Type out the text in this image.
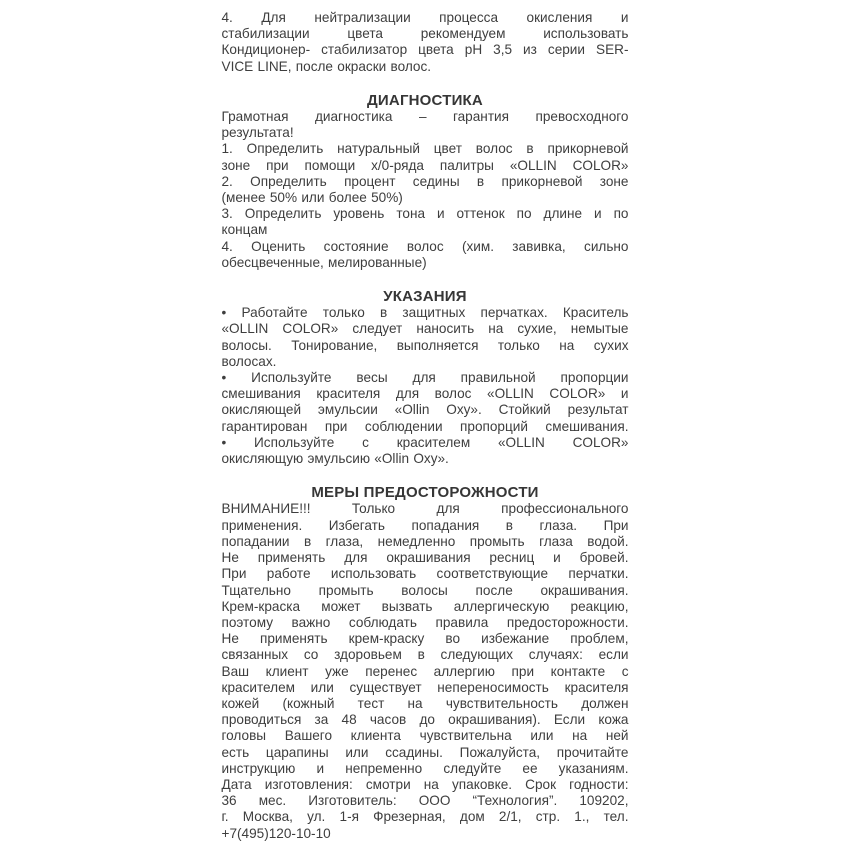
4. Для нейтрализации процесса окисления и
стабилизации цвета рекомендуем использовать
Кондиционер- стабилизатор цвета pH 3,5 из серии SER-
VICE LINE, после окраски волос.
ДИАГНОСТИКА
Грамотная диагностика – гарантия превосходного
результата!
1. Определить натуральный цвет волос в прикорневой
зоне при помощи х/0-ряда палитры «OLLIN COLOR»
2. Определить процент седины в прикорневой зоне
(менее 50% или более 50%)
3. Определить уровень тона и оттенок по длине и по
концам
4. Оценить состояние волос (хим. завивка, сильно
обесцвеченные, мелированные)
УКАЗАНИЯ
• Работайте только в защитных перчатках. Краситель
«OLLIN COLOR» следует наносить на сухие, немытые
волосы. Тонирование, выполняется только на сухих
волосах.
• Используйте весы для правильной пропорции
смешивания красителя для волос «OLLIN COLOR» и
окисляющей эмульсии «Ollin Oxy». Стойкий результат
гарантирован при соблюдении пропорций смешивания.
• Используйте с красителем «OLLIN COLOR»
окисляющую эмульсию «Ollin Oxy».
МЕРЫ ПРЕДОСТОРОЖНОСТИ
ВНИМАНИЕ!!! Только для профессионального
применения. Избегать попадания в глаза. При
попадании в глаза, немедленно промыть глаза водой.
Не применять для окрашивания ресниц и бровей.
При работе использовать соответствующие перчатки.
Тщательно промыть волосы после окрашивания.
Крем-краска может вызвать аллергическую реакцию,
поэтому важно соблюдать правила предосторожности.
Не применять крем-краску во избежание проблем,
связанных со здоровьем в следующих случаях: если
Ваш клиент уже перенес аллергию при контакте с
красителем или существует непереносимость красителя
кожей (кожный тест на чувствительность должен
проводиться за 48 часов до окрашивания). Если кожа
головы Вашего клиента чувствительна или на ней
есть царапины или ссадины. Пожалуйста, прочитайте
инструкцию и непременно следуйте ее указаниям.
Дата изготовления: смотри на упаковке. Срок годности:
36 мес. Изготовитель: ООО “Технология”. 109202,
г. Москва, ул. 1-я Фрезерная, дом 2/1, стр. 1., тел.
+7(495)120-10-10
